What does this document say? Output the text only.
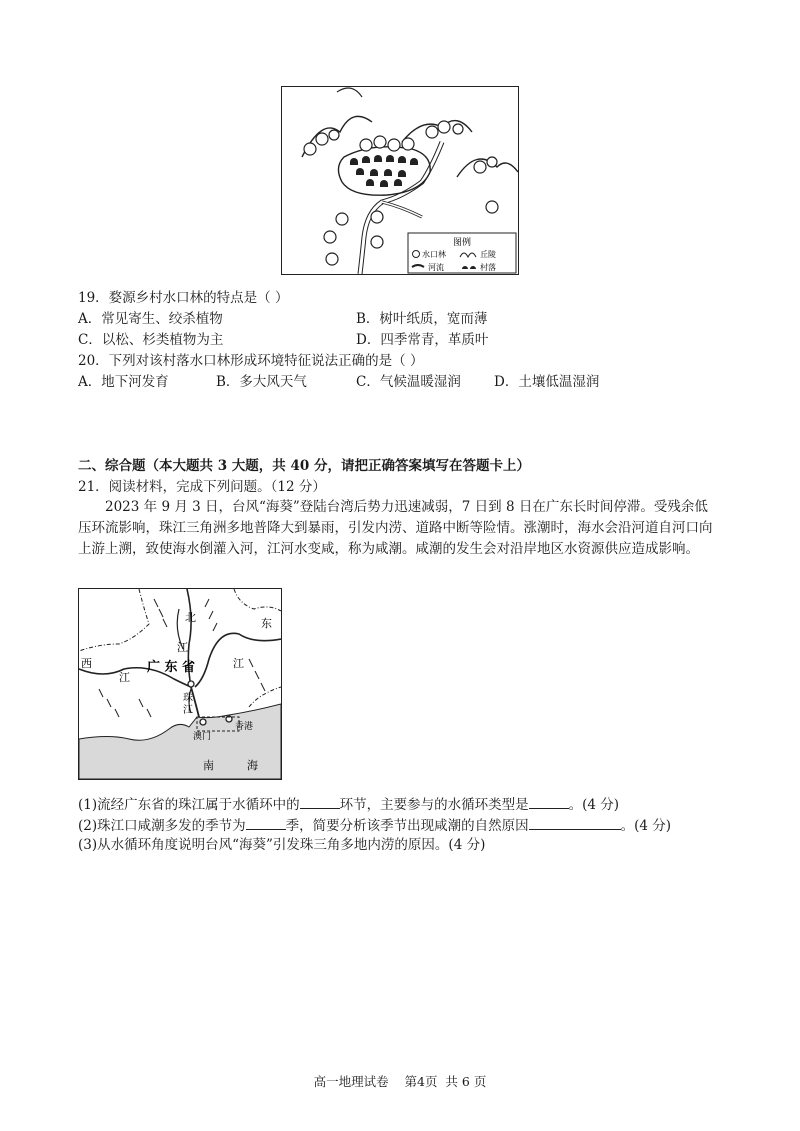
图例
水口林	丘陵
河流	村落
19．婺源乡村水口林的特点是（ ）
A．常见寄生、绞杀植物	B．树叶纸质，宽而薄
C．以松、杉类植物为主	D．四季常青，革质叶
20．下列对该村落水口林形成环境特征说法正确的是（ ）
A．地下河发育	B．多大风天气	C．气候温暖湿润 D．土壤低温湿润
二、综合题（本大题共 3 大题，共 40 分，请把正确答案填写在答题卡上）
21．阅读材料，完成下列问题。（12 分）
2023 年 9 月 3 日，台风“海葵”登陆台湾后势力迅速减弱，7 日到 8 日在广东长时间停滞。受残余低压环流影响，珠江三角洲多地普降大到暴雨，引发内涝、道路中断等险情。涨潮时，海水会沿河道自河口向上游上溯，致使海水倒灌入河，江河水变咸，称为咸潮。咸潮的发生会对沿岸地区水资源供应造成影响。
北
江
东
西
江
广 东 省	江
珠
江
香港
澳门
南	海
(1)流经广东省的珠江属于水循环中的	环节，主要参与的水循环类型是	。(4 分)
(2)珠江口咸潮多发的季节为	季，简要分析该季节出现咸潮的自然原因	。(4 分)
(3)从水循环角度说明台风“海葵”引发珠三角多地内涝的原因。(4 分)
高一地理试卷    第4页  共 6 页
